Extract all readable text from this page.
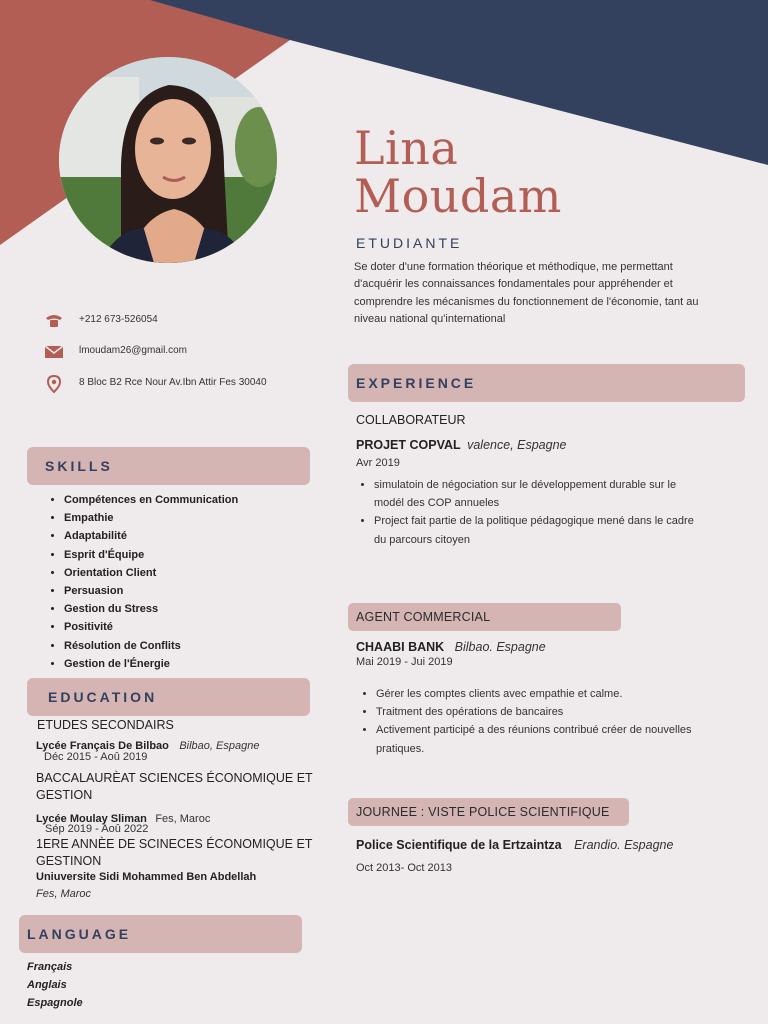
Lina
Moudam
ETUDIANTE
Se doter d'une formation théorique et méthodique, me permettant d'acquérir les connaissances fondamentales pour appréhender et comprendre les mécanismes du fonctionnement de l'économie, tant au niveau national qu'international
+212 673-526054
lmoudam26@gmail.com
8 Bloc B2 Rce Nour Av.Ibn Attir Fes 30040
SKILLS
• Compétences en Communication
• Empathie
• Adaptabilité
• Esprit d'Équipe
• Orientation Client
• Persuasion
• Gestion du Stress
• Positivité
• Résolution de Conflits
• Gestion de l'Énergie
EDUCATION
ETUDES SECONDAIRS
Lycée Français De Bilbao Bilbao, Espagne
Déc 2015 - Aoû 2019
BACCALAURÈAT SCIENCES ÉCONOMIQUE ET GESTION
Lycée Moulay Sliman Fes, Maroc
Sép 2019 - Aoû 2022
1ERE ANNÈE DE SCINECES ÉCONOMIQUE ET GESTINON
Uniuversite Sidi Mohammed Ben Abdellah
Fes, Maroc
LANGUAGE
Français
Anglais
Espagnole
EXPERIENCE
COLLABORATEUR
PROJET COPVAL valence, Espagne
Avr 2019
• simulatoin de négociation sur le développement durable sur le modél des COP annueles
• Project fait partie de la politique pédagogique mené dans le cadre du parcours citoyen
AGENT COMMERCIAL
CHAABI BANK Bilbao. Espagne
Mai 2019 - Jui 2019
• Gérer les comptes clients avec empathie et calme.
• Traitment des opérations de bancaires
• Activement participé a des réunions contribué créer de nouvelles pratiques.
JOURNEE : VISTE POLICE SCIENTIFIQUE
Police Scientifique de la Ertzaintza Erandio. Espagne
Oct 2013- Oct 2013
